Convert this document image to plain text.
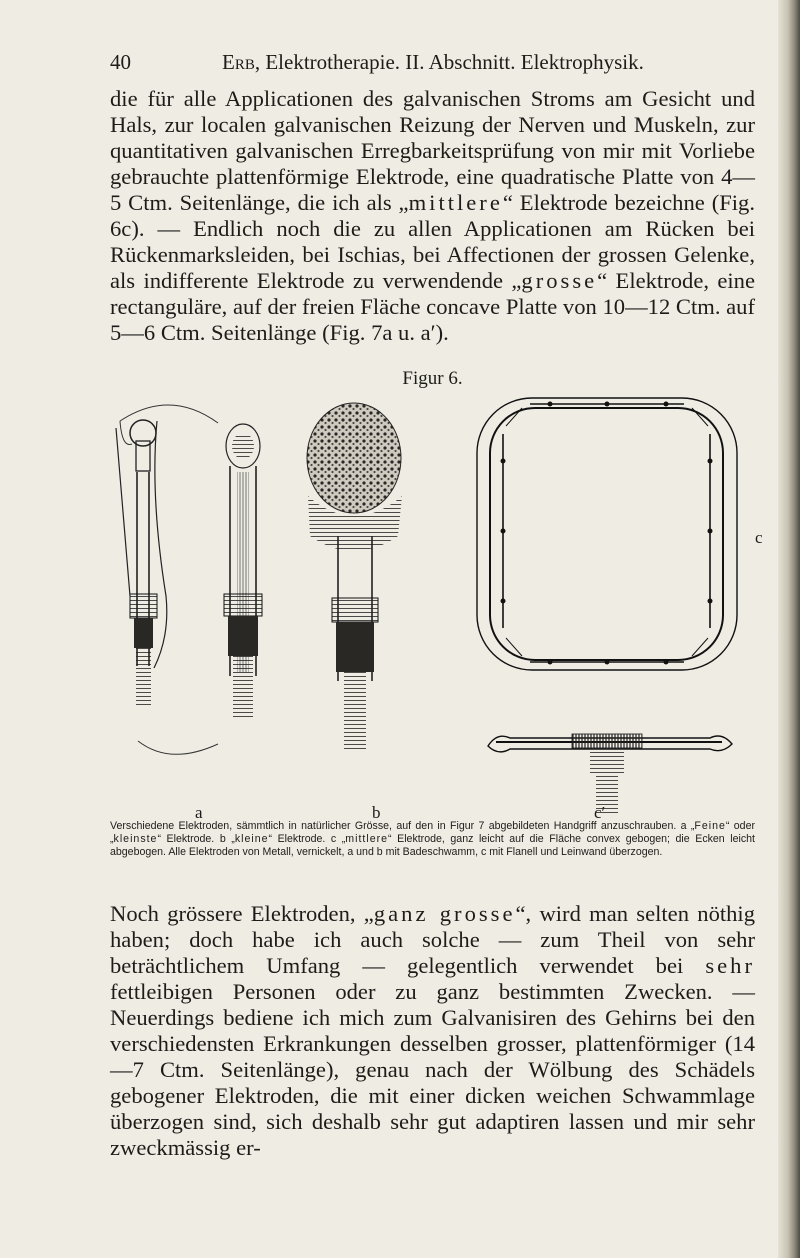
40	Erb, Elektrotherapie. II. Abschnitt. Elektrophysik.

die für alle Applicationen des galvanischen Stroms am Gesicht und Hals, zur localen galvanischen Reizung der Nerven und Muskeln, zur quantitativen galvanischen Erregbarkeitsprüfung von mir mit Vorliebe gebrauchte plattenförmige Elektrode, eine quadratische Platte von 4—5 Ctm. Seitenlänge, die ich als „mittlere“ Elektrode bezeichne (Fig. 6c). — Endlich noch die zu allen Applicationen am Rücken bei Rückenmarksleiden, bei Ischias, bei Affectionen der grossen Gelenke, als indifferente Elektrode zu verwendende „grosse“ Elektrode, eine rectanguläre, auf der freien Fläche concave Platte von 10—12 Ctm. auf 5—6 Ctm. Seitenlänge (Fig. 7a u. a′).

Figur 6.
a	b
c
c′

Verschiedene Elektroden, sämmtlich in natürlicher Grösse, auf den in Figur 7 abgebildeten Handgriff anzuschrauben. a „Feine“ oder „kleinste“ Elektrode. b „kleine“ Elektrode. c „mittlere“ Elektrode, ganz leicht auf die Fläche convex gebogen; die Ecken leicht abgebogen. Alle Elektroden von Metall, vernickelt, a und b mit Badeschwamm, c mit Flanell und Leinwand überzogen.

Noch grössere Elektroden, „ganz grosse“, wird man selten nöthig haben; doch habe ich auch solche — zum Theil von sehr beträchtlichem Umfang — gelegentlich verwendet bei sehr fettleibigen Personen oder zu ganz bestimmten Zwecken. — Neuerdings bediene ich mich zum Galvanisiren des Gehirns bei den verschiedensten Erkrankungen desselben grosser, plattenförmiger (14—7 Ctm. Seitenlänge), genau nach der Wölbung des Schädels gebogener Elektroden, die mit einer dicken weichen Schwammlage überzogen sind, sich deshalb sehr gut adaptiren lassen und mir sehr zweckmässig er-
